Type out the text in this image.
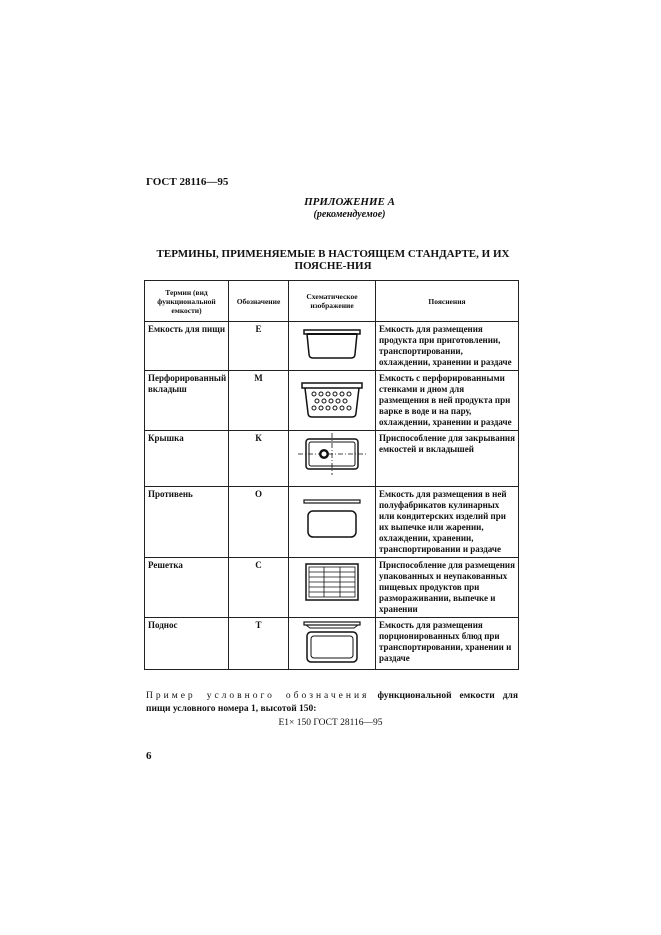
ГОСТ 28116—95
ПРИЛОЖЕНИЕ А
(рекомендуемое)
ТЕРМИНЫ, ПРИМЕНЯЕМЫЕ В НАСТОЯЩЕМ СТАНДАРТЕ, И ИХ ПОЯСНЕ-НИЯ
Термин (вид функциональной емкости)	Обозначение	Схематическое изображение	Пояснения
Емкость для пищи	Е		Емкость для размещения продукта при приготовлении, транспортировании, охлаждении, хранении и раздаче
Перфорированный вкладыш	М		Емкость с перфорированными стенками и дном для размещения в ней продукта при варке в воде и на пару, охлаждении, хранении и раздаче
Крышка	К		Приспособление для закрывания емкостей и вкладышей
Противень	О		Емкость для размещения в ней полуфабрикатов кулинарных или кондитерских изделий при их выпечке или жарении, охлаждении, хранении, транспортировании и раздаче
Решетка	С		Приспособление для размещения упакованных и неупакованных пищевых продуктов при размораживании, выпечке и хранении
Поднос	Т		Емкость для размещения порционированных блюд при транспортировании, хранении и раздаче
Пример условного обозначения функциональной емкости для
пищи условного номера 1, высотой 150:
Е1× 150 ГОСТ 28116—95
6
